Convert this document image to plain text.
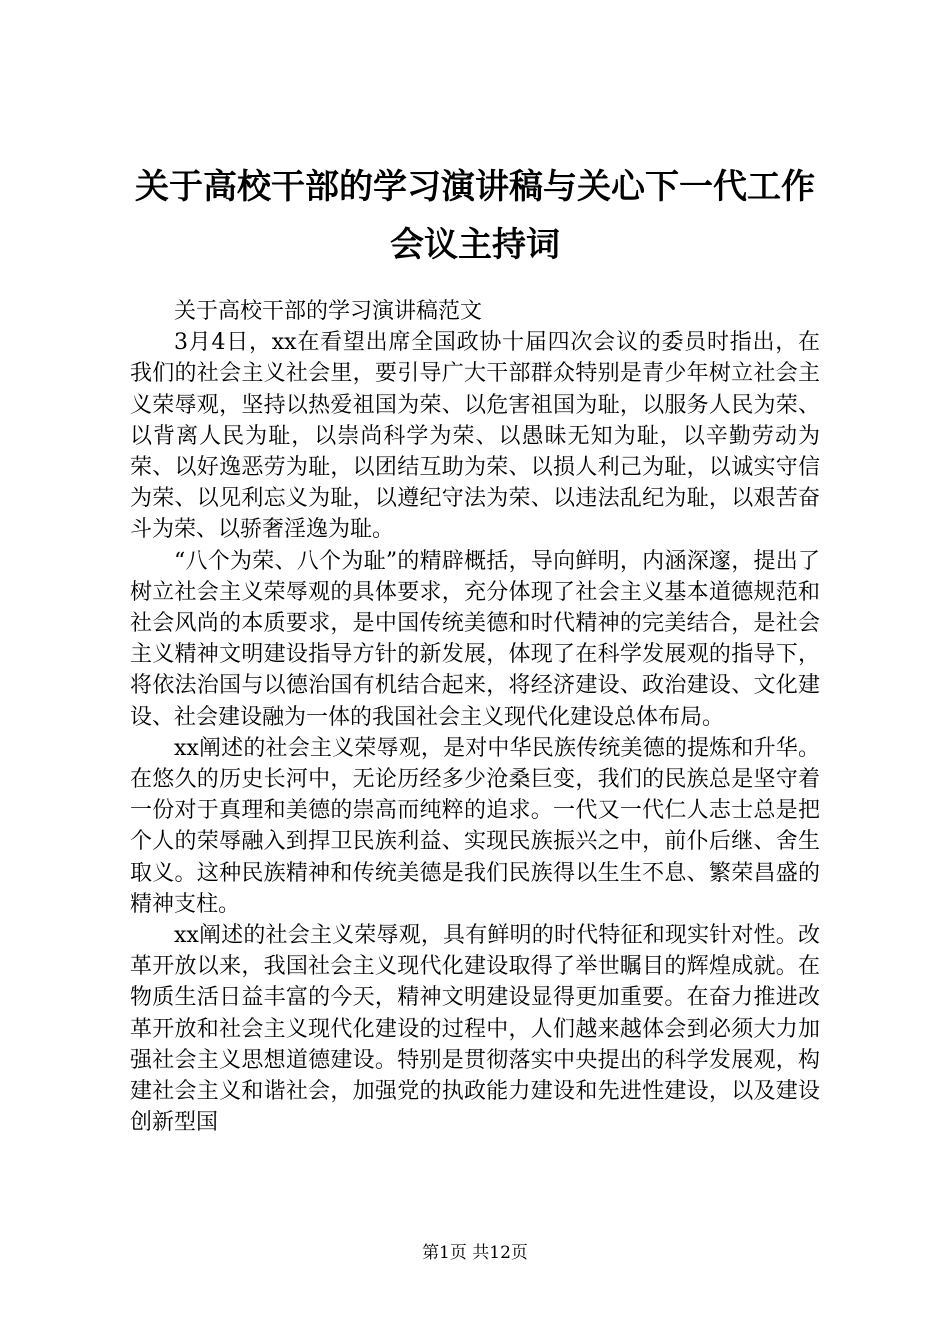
关于高校干部的学习演讲稿与关心下一代工作
会议主持词

关于高校干部的学习演讲稿范文

3月4日，xx在看望出席全国政协十届四次会议的委员时指出，在我们的社会主义社会里，要引导广大干部群众特别是青少年树立社会主义荣辱观，坚持以热爱祖国为荣、以危害祖国为耻，以服务人民为荣、以背离人民为耻，以崇尚科学为荣、以愚昧无知为耻，以辛勤劳动为荣、以好逸恶劳为耻，以团结互助为荣、以损人利己为耻，以诚实守信为荣、以见利忘义为耻，以遵纪守法为荣、以违法乱纪为耻，以艰苦奋斗为荣、以骄奢淫逸为耻。

“八个为荣、八个为耻”的精辟概括，导向鲜明，内涵深邃，提出了树立社会主义荣辱观的具体要求，充分体现了社会主义基本道德规范和社会风尚的本质要求，是中国传统美德和时代精神的完美结合，是社会主义精神文明建设指导方针的新发展，体现了在科学发展观的指导下，将依法治国与以德治国有机结合起来，将经济建设、政治建设、文化建设、社会建设融为一体的我国社会主义现代化建设总体布局。

xx阐述的社会主义荣辱观，是对中华民族传统美德的提炼和升华。在悠久的历史长河中，无论历经多少沧桑巨变，我们的民族总是坚守着一份对于真理和美德的崇高而纯粹的追求。一代又一代仁人志士总是把个人的荣辱融入到捍卫民族利益、实现民族振兴之中，前仆后继、舍生取义。这种民族精神和传统美德是我们民族得以生生不息、繁荣昌盛的精神支柱。

xx阐述的社会主义荣辱观，具有鲜明的时代特征和现实针对性。改革开放以来，我国社会主义现代化建设取得了举世瞩目的辉煌成就。在物质生活日益丰富的今天，精神文明建设显得更加重要。在奋力推进改革开放和社会主义现代化建设的过程中，人们越来越体会到必须大力加强社会主义思想道德建设。特别是贯彻落实中央提出的科学发展观，构建社会主义和谐社会，加强党的执政能力建设和先进性建设，以及建设创新型国

第1页 共12页
